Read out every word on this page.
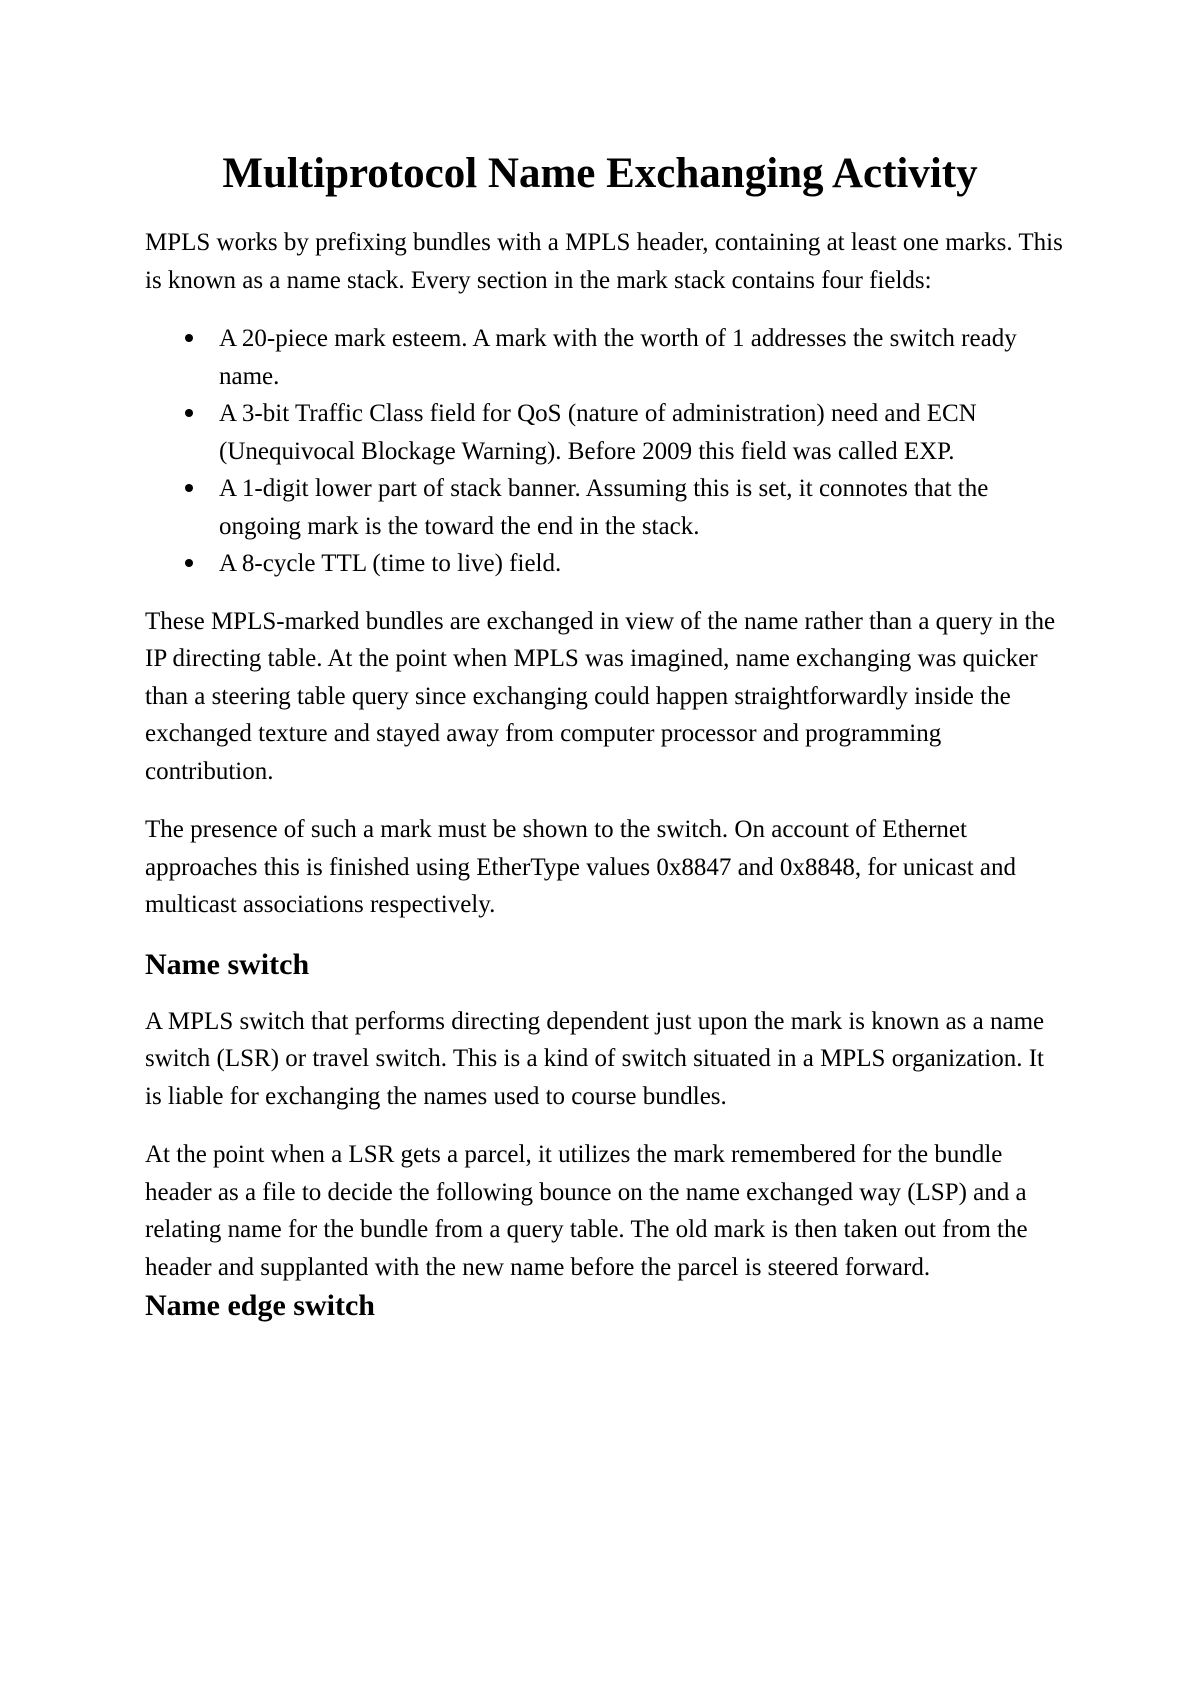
Multiprotocol Name Exchanging Activity

MPLS works by prefixing bundles with a MPLS header, containing at least one marks. This is known as a name stack. Every section in the mark stack contains four fields:

A 20-piece mark esteem. A mark with the worth of 1 addresses the switch ready name.
A 3-bit Traffic Class field for QoS (nature of administration) need and ECN (Unequivocal Blockage Warning). Before 2009 this field was called EXP.
A 1-digit lower part of stack banner. Assuming this is set, it connotes that the ongoing mark is the toward the end in the stack.
A 8-cycle TTL (time to live) field.

These MPLS-marked bundles are exchanged in view of the name rather than a query in the IP directing table. At the point when MPLS was imagined, name exchanging was quicker than a steering table query since exchanging could happen straightforwardly inside the exchanged texture and stayed away from computer processor and programming contribution.

The presence of such a mark must be shown to the switch. On account of Ethernet approaches this is finished using EtherType values 0x8847 and 0x8848, for unicast and multicast associations respectively.

Name switch

A MPLS switch that performs directing dependent just upon the mark is known as a name switch (LSR) or travel switch. This is a kind of switch situated in a MPLS organization. It is liable for exchanging the names used to course bundles.

At the point when a LSR gets a parcel, it utilizes the mark remembered for the bundle header as a file to decide the following bounce on the name exchanged way (LSP) and a relating name for the bundle from a query table. The old mark is then taken out from the header and supplanted with the new name before the parcel is steered forward.

Name edge switch
